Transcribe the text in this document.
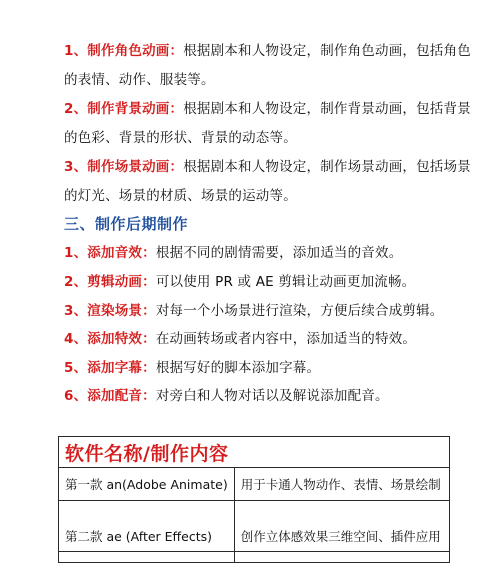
1、制作角色动画：根据剧本和人物设定，制作角色动画，包括角色
的表情、动作、服装等。
2、制作背景动画：根据剧本和人物设定，制作背景动画，包括背景
的色彩、背景的形状、背景的动态等。
3、制作场景动画：根据剧本和人物设定，制作场景动画，包括场景
的灯光、场景的材质、场景的运动等。
三、制作后期制作
1、添加音效：根据不同的剧情需要，添加适当的音效。
2、剪辑动画：可以使用 PR 或 AE 剪辑让动画更加流畅。
3、渲染场景：对每一个小场景进行渲染，方便后续合成剪辑。
4、添加特效：在动画转场或者内容中，添加适当的特效。
5、添加字幕：根据写好的脚本添加字幕。
6、添加配音：对旁白和人物对话以及解说添加配音。
软件名称/制作内容	
第一款 an(Adobe Animate)	用于卡通人物动作、表情、场景绘制

第二款 ae (After Effects)	创作立体感效果三维空间、插件应用
